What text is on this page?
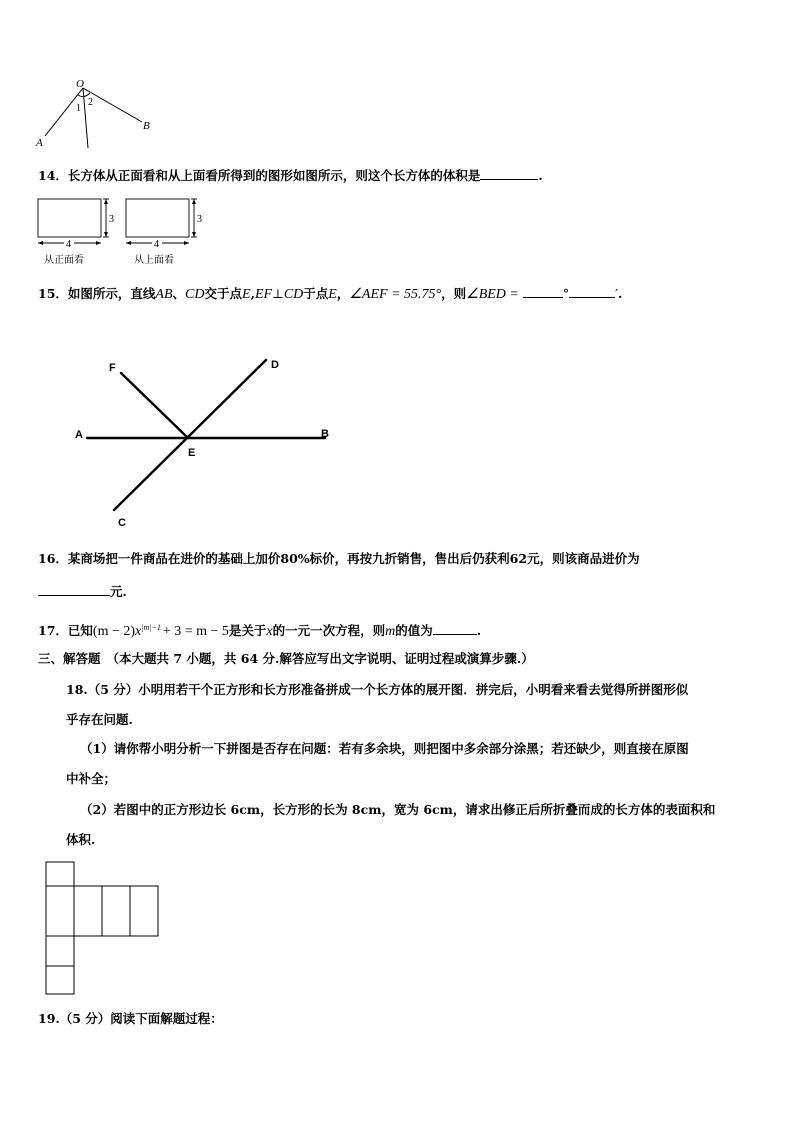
O
A
B
1
2
14．长方体从正面看和从上面看所得到的图形如图所示，则这个长方体的体积是	.
4	4
3	3
从正面看	从上面看
15．如图所示，直线AB、CD交于点E,EF⊥CD于点E，∠AEF = 55.75°，则∠BED =	°	′.
F	D
A	B
E
C
16．某商场把一件商品在进价的基础上加价80%标价，再按九折销售，售出后仍获利62元，则该商品进价为
元.
17．已知$(m - 2)x^{|m|-1} + 3 = m - 5$是关于x的一元一次方程，则m的值为	.
三、解答题 （本大题共 7 小题，共 64 分.解答应写出文字说明、证明过程或演算步骤.）
18.（5 分）小明用若干个正方形和长方形准备拼成一个长方体的展开图．拼完后，小明看来看去觉得所拼图形似
乎存在问题.
（1）请你帮小明分析一下拼图是否存在问题：若有多余块，则把图中多余部分涂黑；若还缺少，则直接在原图
中补全；
（2）若图中的正方形边长 6cm，长方形的长为 8cm，宽为 6cm，请求出修正后所折叠而成的长方体的表面积和
体积.
19.（5 分）阅读下面解题过程：
